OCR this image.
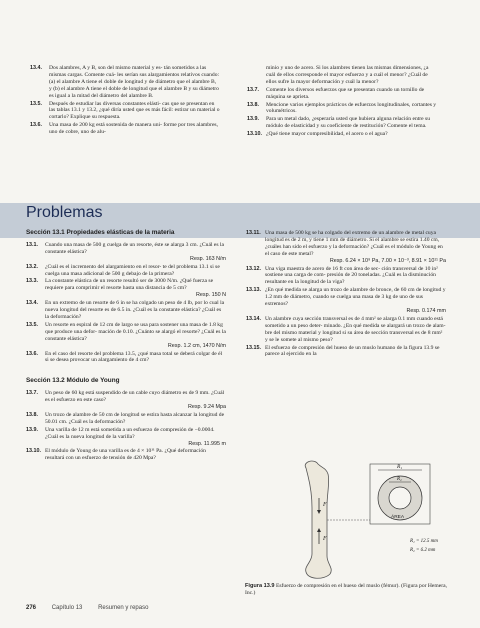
13.4. Dos alambres, A y B, son del mismo material y es- tán sometidos a las mismas cargas. Comente cuá- les serían sus alargamientos relativos cuando: (a) el alambre A tiene el doble de longitud y de diámetro que el alambre B, y (b) el alambre A tiene el doble de longitud que el alambre B y su diámetro es igual a la mitad del diámetro del alambre B.
13.5. Después de estudiar las diversas constantes elásti- cas que se presentan en las tablas 13.1 y 13.2, ¿qué diría usted que es más fácil: estirar un material o cortarlo? Explique su respuesta.
13.6. Una masa de 200 kg está sostenida de manera uni- forme por tres alambres, uno de cobre, uno de alu-
minio y uno de acero. Si los alambres tienen las mismas dimensiones, ¿a cuál de ellos corresponde el mayor esfuerzo y a cuál el menor? ¿Cuál de ellos sufre la mayor deformación y cuál la menor?
13.7. Comente los diversos esfuerzos que se presentan cuando un tornillo de máquina se aprieta.
13.8. Mencione varios ejemplos prácticos de esfuerzos longitudinales, cortantes y volumétricos.
13.9. Para un metal dado, ¿esperaría usted que hubiera alguna relación entre su módulo de elasticidad y su coeficiente de restitución? Comente el tema.
13.10. ¿Qué tiene mayor compresibilidad, el acero o el agua?
Problemas
Sección 13.1 Propiedades elásticas de la materia
13.1. Cuando una masa de 500 g cuelga de un resorte, éste se alarga 3 cm. ¿Cuál es la constante elástica?
Resp. 163 N/m
13.2. ¿Cuál es el incremento del alargamiento en el resor- te del problema 13.1 si se cuelga una masa adicional de 500 g debajo de la primera?
13.3. La constante elástica de un resorte resultó ser de 3000 N/m. ¿Qué fuerza se requiere para comprimir el resorte hasta una distancia de 5 cm?
Resp. 150 N
13.4. En un extremo de un resorte de 6 in se ha colgado un peso de 4 lb, por lo cual la nueva longitud del resorte es de 6.5 in. ¿Cuál es la constante elástica? ¿Cuál es la deformación?
13.5. Un resorte en espiral de 12 cm de largo se usa para sostener una masa de 1.8 kg que produce una defor- mación de 0.10. ¿Cuánto se alargó el resorte? ¿Cuál es la constante elástica?
Resp. 1.2 cm, 1470 N/m
13.6. En el caso del resorte del problema 13.5, ¿qué masa total se deberá colgar de él si se desea provocar un alargamiento de 4 cm?
Sección 13.2 Módulo de Young
13.7. Un peso de 60 kg está suspendido de un cable cuyo diámetro es de 9 mm. ¿Cuál es el esfuerzo en este caso?
Resp. 9.24 Mpa
13.8. Un trozo de alambre de 50 cm de longitud se estira hasta alcanzar la longitud de 50.01 cm. ¿Cuál es la deformación?
13.9. Una varilla de 12 m está sometida a un esfuerzo de compresión de −0.0004. ¿Cuál es la nueva longitud de la varilla?
Resp. 11.995 m
13.10. El módulo de Young de una varilla es de 4 × 10¹¹ Pa. ¿Qué deformación resultará con un esfuerzo de tensión de 420 Mpa?
13.11. Una masa de 500 kg se ha colgado del extremo de un alambre de metal cuya longitud es de 2 m, y tiene 1 mm de diámetro. Si el alambre se estira 1.40 cm, ¿cuáles han sido el esfuerzo y la deformación? ¿Cuál es el módulo de Young en el caso de este metal?
Resp. 6.24 × 10⁹ Pa, 7.00 × 10⁻³, 8.91 × 10¹¹ Pa
13.12. Una viga maestra de acero de 16 ft con área de sec- ción transversal de 10 in² sostiene una carga de com- presión de 20 toneladas. ¿Cuál es la disminución resultante en la longitud de la viga?
13.13. ¿En qué medida se alarga un trozo de alambre de bronce, de 60 cm de longitud y 1.2 mm de diámetro, cuando se cuelga una masa de 3 kg de uno de sus extremos?
Resp. 0.174 mm
13.14. Un alambre cuya sección transversal es de 4 mm² se alarga 0.1 mm cuando está sometido a un peso deter- minado. ¿En qué medida se alargará un trozo de alam- bre del mismo material y longitud si su área de sección transversal es de 8 mm² y se le somete al mismo peso?
13.15. El esfuerzo de compresión del hueso de un muslo humano de la figura 13.9 se parece al ejercido en la
F
F
R₁
R₂
ÁREA
R₁ = 12.5 mm
R₂ = 6.2 mm
Figura 13.9 Esfuerzo de compresión en el hueso del muslo (fémur). (Figura por Hemera, Inc.)
276	Capítulo 13	Resumen y repaso
